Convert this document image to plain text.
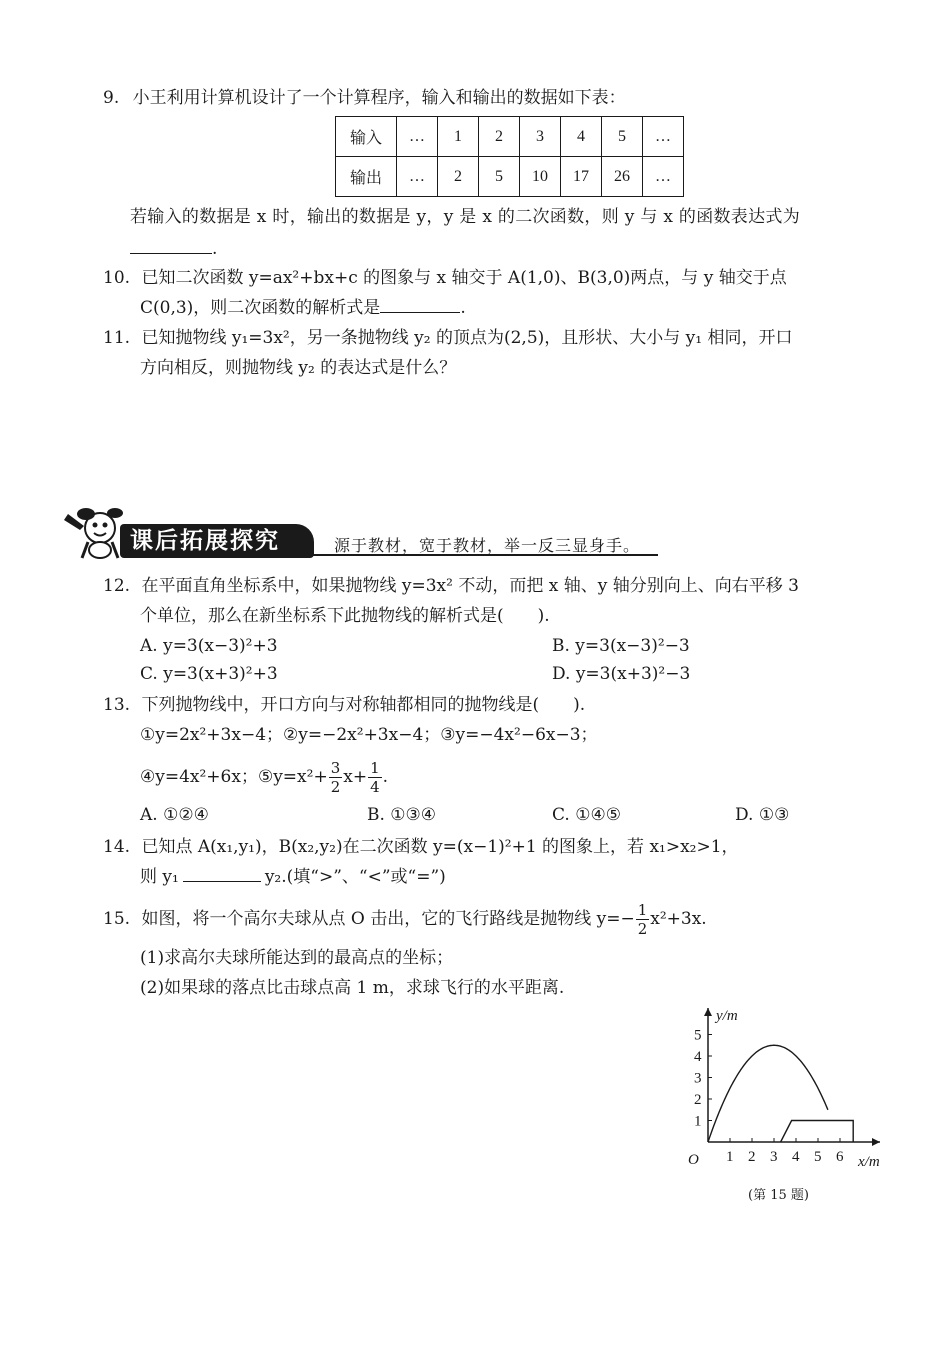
9. 小王利用计算机设计了一个计算程序，输入和输出的数据如下表：
输入	…	1	2	3	4	5	…
输出	…	2	5	10	17	26	…
若输入的数据是 x 时，输出的数据是 y，y 是 x 的二次函数，则 y 与 x 的函数表达式为
.
10. 已知二次函数 y=ax²+bx+c 的图象与 x 轴交于 A(1,0)、B(3,0)两点，与 y 轴交于点
C(0,3)，则二次函数的解析式是	.
11. 已知抛物线 y₁=3x²，另一条抛物线 y₂ 的顶点为(2,5)，且形状、大小与 y₁ 相同，开口
方向相反，则抛物线 y₂ 的表达式是什么？
课后拓展探究	源于教材，宽于教材，举一反三显身手。
12. 在平面直角坐标系中，如果抛物线 y=3x² 不动，而把 x 轴、y 轴分别向上、向右平移 3
个单位，那么在新坐标系下此抛物线的解析式是(　　).
A. y=3(x−3)²+3	B. y=3(x−3)²−3
C. y=3(x+3)²+3	D. y=3(x+3)²−3
13. 下列抛物线中，开口方向与对称轴都相同的抛物线是(　　).
①y=2x²+3x−4；②y=−2x²+3x−4；③y=−4x²−6x−3；
④y=4x²+6x；⑤y=x²+ $\frac{3}{2} x+ \frac{1}{4}$ .
A. ①②④	B. ①③④	C. ①④⑤	D. ①③
14. 已知点 A(x₁,y₁)，B(x₂,y₂)在二次函数 y=(x−1)²+1 的图象上，若 x₁>x₂>1，
则 y₁	y₂.(填“>”、“<”或“=”)
15. 如图，将一个高尔夫球从点 O 击出，它的飞行路线是抛物线 $y=- \frac{1}{2} x^2+3x$.
(1)求高尔夫球所能达到的最高点的坐标；
(2)如果球的落点比击球点高 1 m，求球飞行的水平距离.
y/m
x/m
O 1 2 3 4 5 6
1
2
3
4
5
(第 15 题)
